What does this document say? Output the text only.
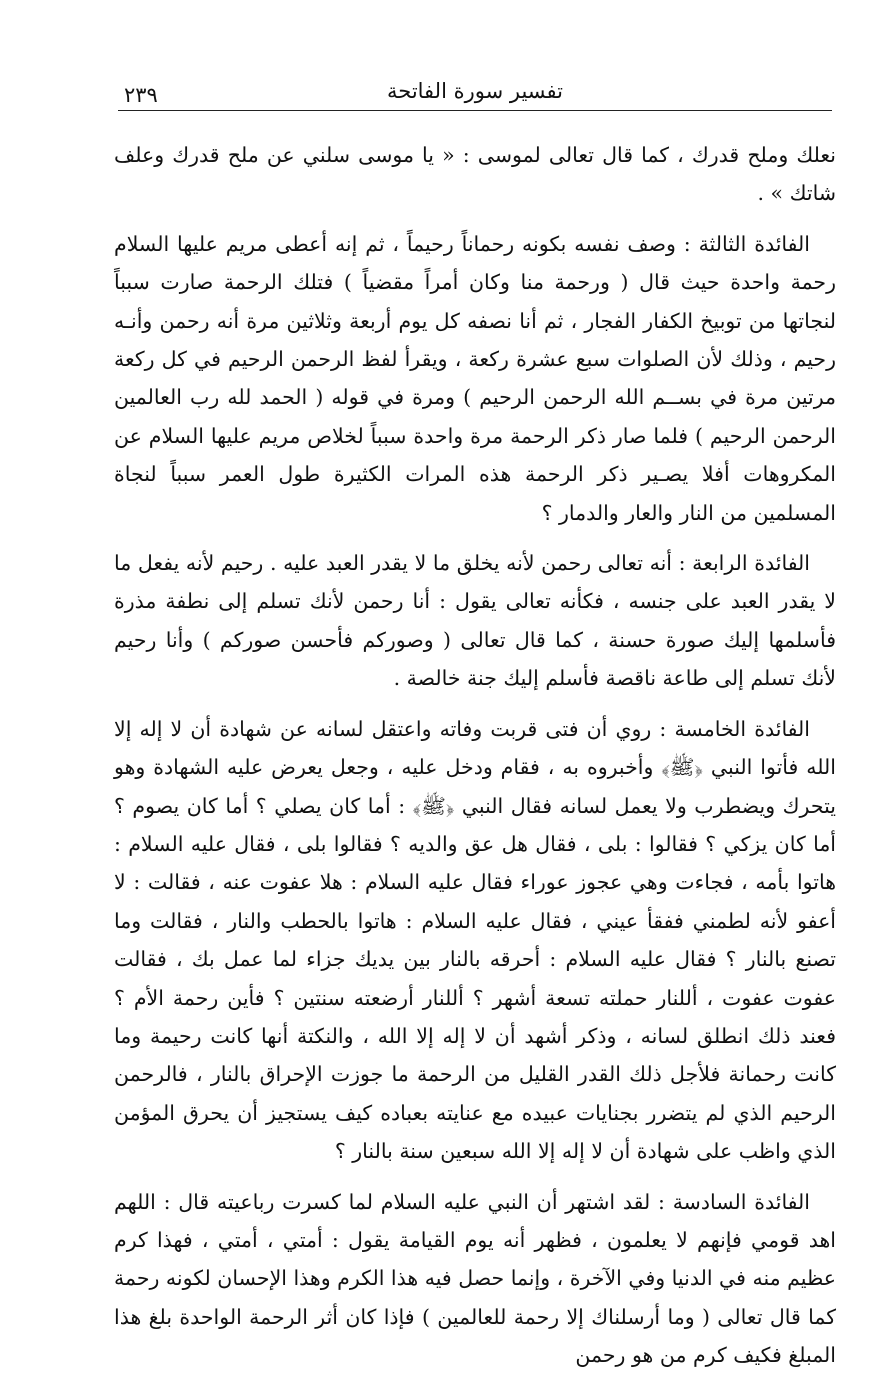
تفسير سورة الفاتحة
٢٣٩

نعلك وملح قدرك ، كما قال تعالى لموسى : « يا موسى سلني عن ملح قدرك وعلف شاتك » .

الفائدة الثالثة : وصف نفسه بكونه رحماناً رحيماً ، ثم إنه أعطى مريم عليها السلام رحمة واحدة حيث قال ( ورحمة منا وكان أمراً مقضياً ) فتلك الرحمة صارت سبباً لنجاتها من توبيخ الكفار الفجار ، ثم أنا نصفه كل يوم أربعة وثلاثين مرة أنه رحمن وأنـه رحيم ، وذلك لأن الصلوات سبع عشرة ركعة ، ويقرأ لفظ الرحمن الرحيم في كل ركعة مرتين مرة في بســم الله الرحمن الرحيم ) ومرة في قوله ( الحمد لله رب العالمين الرحمن الرحيم ) فلما صار ذكر الرحمة مرة واحدة سبباً لخلاص مريم عليها السلام عن المكروهات أفلا يصـير ذكر الرحمة هذه المرات الكثيرة طول العمر سبباً لنجاة المسلمين من النار والعار والدمار ؟

الفائدة الرابعة : أنه تعالى رحمن لأنه يخلق ما لا يقدر العبد عليه . رحيم لأنه يفعل ما لا يقدر العبد على جنسه ، فكأنه تعالى يقول : أنا رحمن لأنك تسلم إلى نطفة مذرة فأسلمها إليك صورة حسنة ، كما قال تعالى ( وصوركم فأحسن صوركم ) وأنا رحيم لأنك تسلم إلى طاعة ناقصة فأسلم إليك جنة خالصة .

الفائدة الخامسة : روي أن فتى قربت وفاته واعتقل لسانه عن شهادة أن لا إله إلا الله فأتوا النبي ﴿ﷺ﴾ وأخبروه به ، فقام ودخل عليه ، وجعل يعرض عليه الشهادة وهو يتحرك ويضطرب ولا يعمل لسانه فقال النبي ﴿ﷺ﴾ : أما كان يصلي ؟ أما كان يصوم ؟ أما كان يزكي ؟ فقالوا : بلى ، فقال هل عق والديه ؟ فقالوا بلى ، فقال عليه السلام : هاتوا بأمه ، فجاءت وهي عجوز عوراء فقال عليه السلام : هلا عفوت عنه ، فقالت : لا أعفو لأنه لطمني ففقأ عيني ، فقال عليه السلام : هاتوا بالحطب والنار ، فقالت وما تصنع بالنار ؟ فقال عليه السلام : أحرقه بالنار بين يديك جزاء لما عمل بك ، فقالت عفوت عفوت ، أللنار حملته تسعة أشهر ؟ أللنار أرضعته سنتين ؟ فأين رحمة الأم ؟ فعند ذلك انطلق لسانه ، وذكر أشهد أن لا إله إلا الله ، والنكتة أنها كانت رحيمة وما كانت رحمانة فلأجل ذلك القدر القليل من الرحمة ما جوزت الإحراق بالنار ، فالرحمن الرحيم الذي لم يتضرر بجنايات عبيده مع عنايته بعباده كيف يستجيز أن يحرق المؤمن الذي واظب على شهادة أن لا إله إلا الله سبعين سنة بالنار ؟

الفائدة السادسة : لقد اشتهر أن النبي عليه السلام لما كسرت رباعيته قال : اللهم اهد قومي فإنهم لا يعلمون ، فظهر أنه يوم القيامة يقول : أمتي ، أمتي ، فهذا كرم عظيم منه في الدنيا وفي الآخرة ، وإنما حصل فيه هذا الكرم وهذا الإحسان لكونه رحمة كما قال تعالى ( وما أرسلناك إلا رحمة للعالمين ) فإذا كان أثر الرحمة الواحدة بلغ هذا المبلغ فكيف كرم من هو رحمن
